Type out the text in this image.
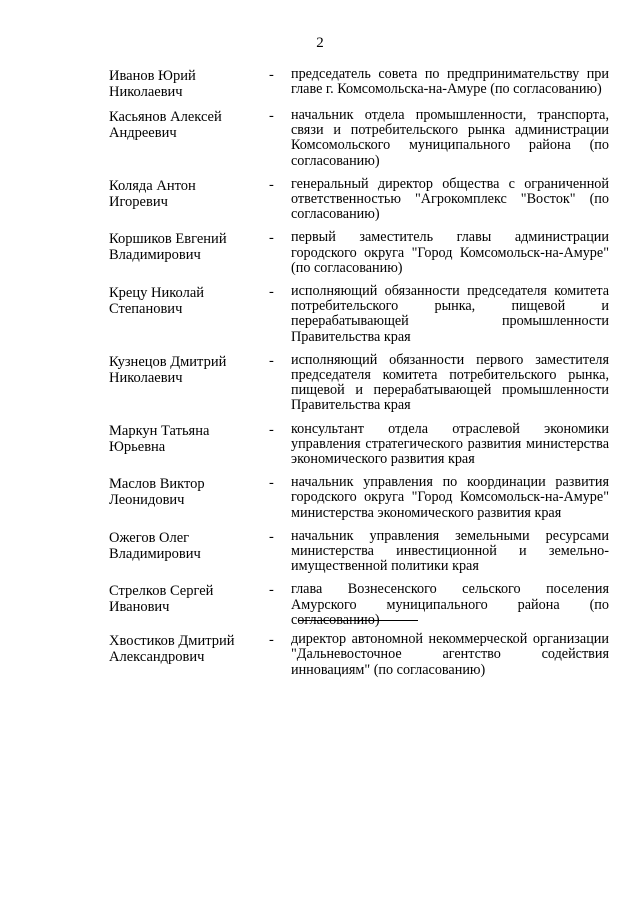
2
Иванов Юрий
Николаевич
-	председатель совета по предпринимательству при главе г. Комсомольска-на-Амуре (по согласованию)
Касьянов Алексей
Андреевич
-	начальник отдела промышленности, транспорта, связи и потребительского рынка администрации Комсомольского муниципального района (по согласованию)
Коляда Антон
Игоревич
-	генеральный директор общества с ограниченной ответственностью "Агрокомплекс "Восток" (по согласованию)
Коршиков Евгений
Владимирович
-	первый заместитель главы администрации городского округа "Город Комсомольск-на-Амуре" (по согласованию)
Крецу Николай
Степанович
-	исполняющий обязанности председателя комитета потребительского рынка, пищевой и перерабатывающей промышленности Правительства края
Кузнецов Дмитрий
Николаевич
-	исполняющий обязанности первого заместителя председателя комитета потребительского рынка, пищевой и перерабатывающей промышленности Правительства края
Маркун Татьяна
Юрьевна
-	консультант отдела отраслевой экономики управления стратегического развития министерства экономического развития края
Маслов Виктор
Леонидович
-	начальник управления по координации развития городского округа "Город Комсомольск-на-Амуре" министерства экономического развития края
Ожегов Олег
Владимирович
-	начальник управления земельными ресурсами министерства инвестиционной и земельно-имущественной политики края
Стрелков Сергей
Иванович
-	глава Вознесенского сельского поселения Амурского муниципального района (по согласованию)
Хвостиков Дмитрий
Александрович
-	директор автономной некоммерческой организации "Дальневосточное агентство содействия инновациям" (по согласованию)
